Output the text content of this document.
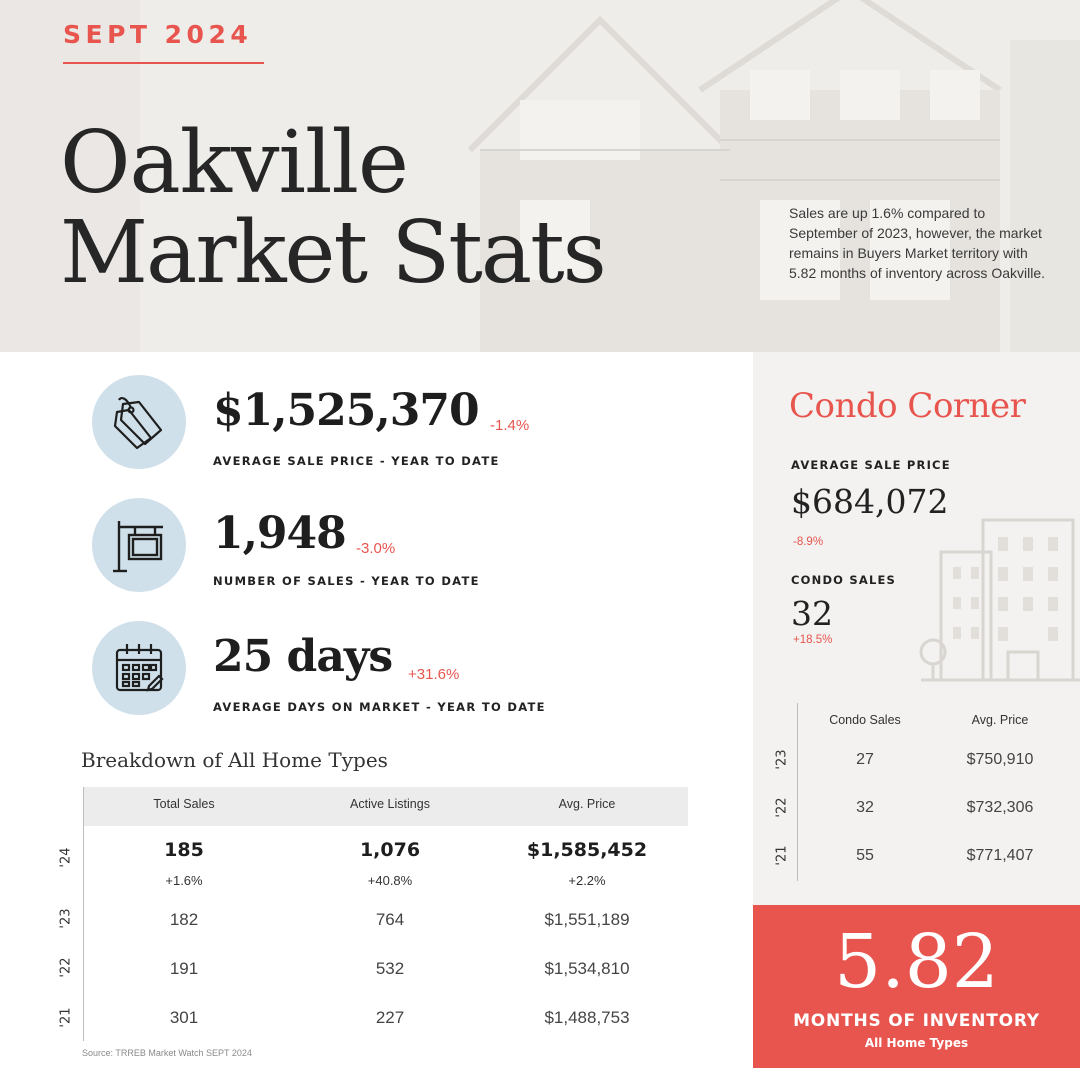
SEPT 2024
Oakville
Market Stats	Sales are up 1.6% compared to September of 2023, however, the market remains in Buyers Market territory with 5.82 months of inventory across Oakville.
$1,525,370 -1.4%
AVERAGE SALE PRICE - YEAR TO DATE
1,948 -3.0%
NUMBER OF SALES - YEAR TO DATE
25 days +31.6%
AVERAGE DAYS ON MARKET - YEAR TO DATE
Breakdown of All Home Types
Total Sales	Active Listings	Avg. Price
'24	185	1,076	$1,585,452
+1.6%	+40.8%	+2.2%
'23	182	764	$1,551,189
'22	191	532	$1,534,810
'21	301	227	$1,488,753
Source: TRREB Market Watch SEPT 2024
Condo Corner
AVERAGE SALE PRICE
$684,072
-8.9%
CONDO SALES
32
+18.5%
Condo Sales	Avg. Price
'23	27	$750,910
'22	32	$732,306
'21	55	$771,407
5.82
MONTHS OF INVENTORY
All Home Types
